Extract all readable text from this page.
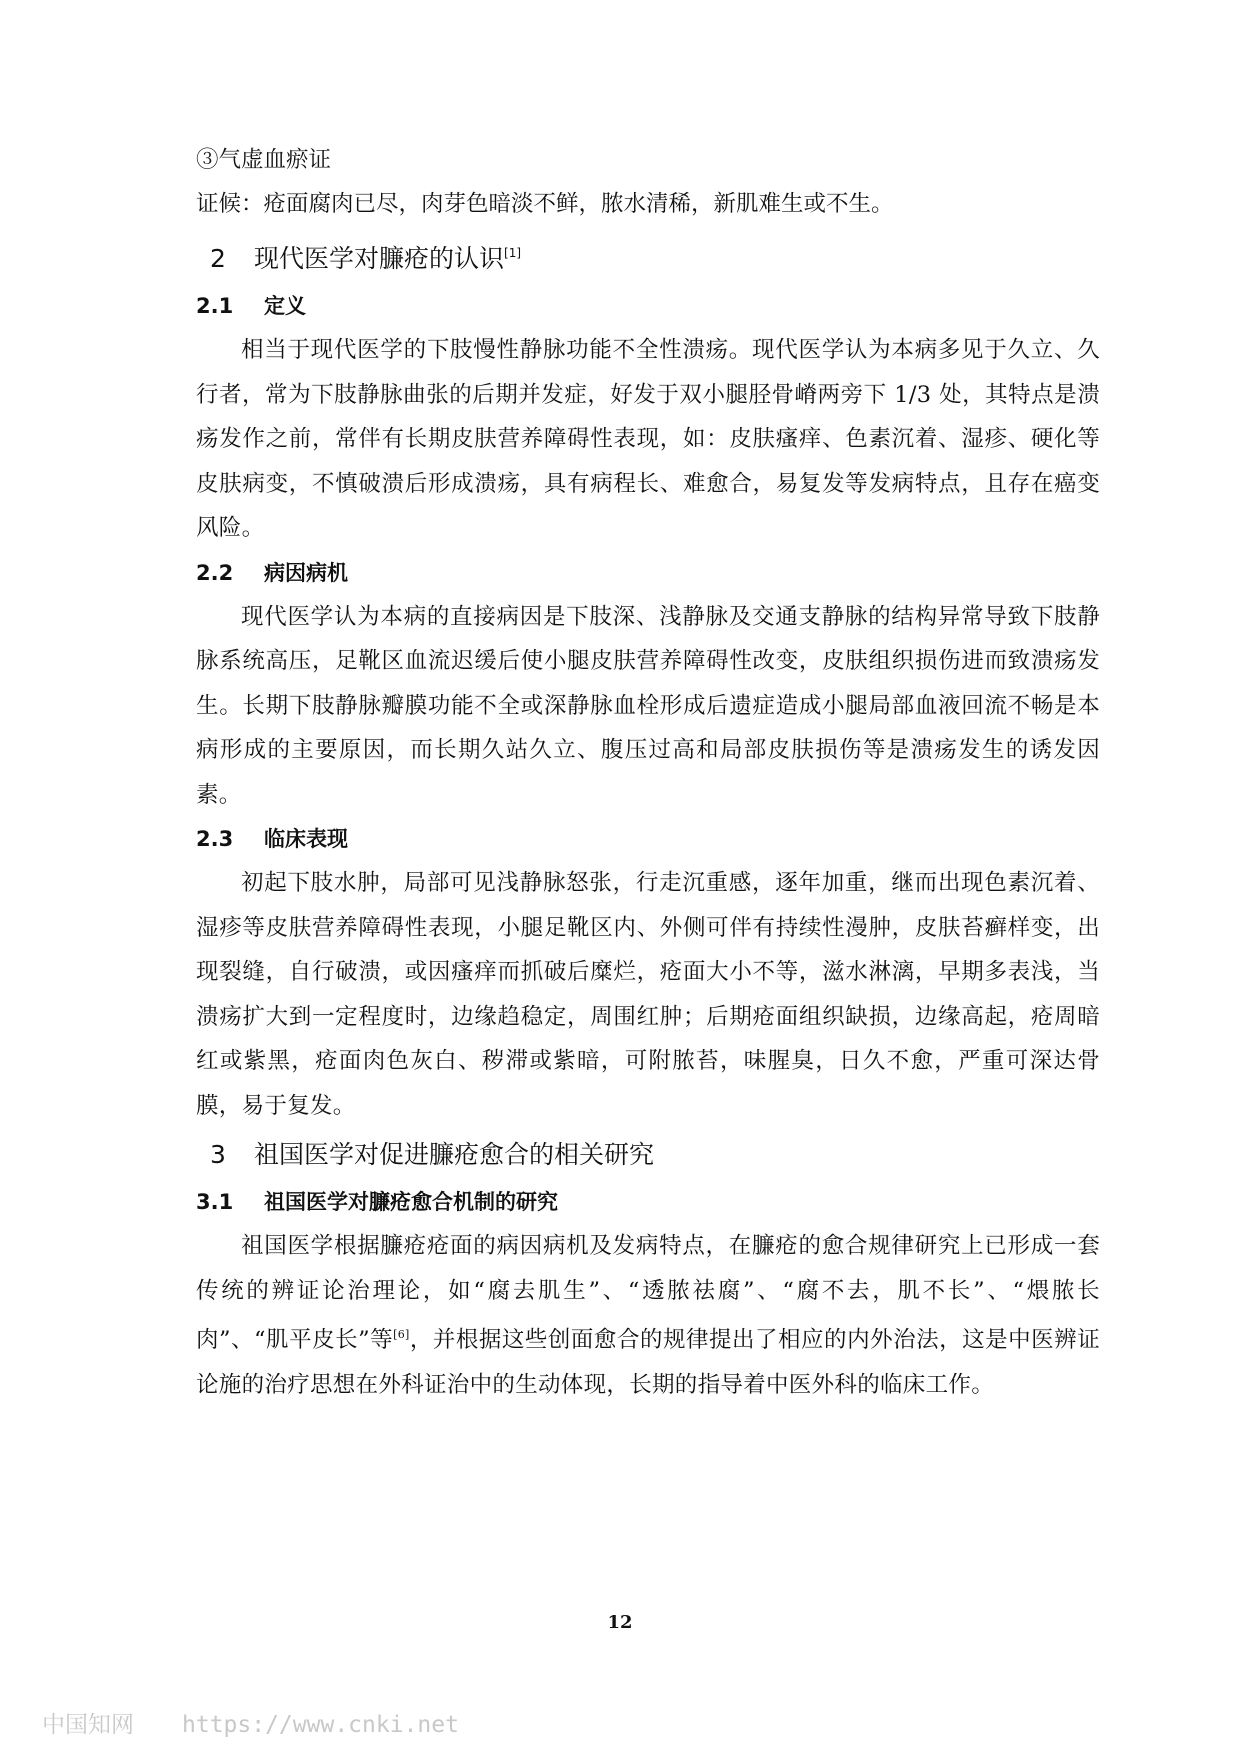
③气虚血瘀证

证候：疮面腐肉已尽，肉芽色暗淡不鲜，脓水清稀，新肌难生或不生。

2 现代医学对臁疮的认识[1]
2.1 定义

相当于现代医学的下肢慢性静脉功能不全性溃疡。现代医学认为本病多见于久立、久行者，常为下肢静脉曲张的后期并发症，好发于双小腿胫骨嵴两旁下 1/3 处，其特点是溃疡发作之前，常伴有长期皮肤营养障碍性表现，如：皮肤瘙痒、色素沉着、湿疹、硬化等皮肤病变，不慎破溃后形成溃疡，具有病程长、难愈合，易复发等发病特点，且存在癌变风险。

2.2 病因病机

现代医学认为本病的直接病因是下肢深、浅静脉及交通支静脉的结构异常导致下肢静脉系统高压，足靴区血流迟缓后使小腿皮肤营养障碍性改变，皮肤组织损伤进而致溃疡发生。长期下肢静脉瓣膜功能不全或深静脉血栓形成后遗症造成小腿局部血液回流不畅是本病形成的主要原因，而长期久站久立、腹压过高和局部皮肤损伤等是溃疡发生的诱发因素。

2.3 临床表现

初起下肢水肿，局部可见浅静脉怒张，行走沉重感，逐年加重，继而出现色素沉着、湿疹等皮肤营养障碍性表现，小腿足靴区内、外侧可伴有持续性漫肿，皮肤苔癣样变，出现裂缝，自行破溃，或因瘙痒而抓破后糜烂，疮面大小不等，滋水淋漓，早期多表浅，当溃疡扩大到一定程度时，边缘趋稳定，周围红肿；后期疮面组织缺损，边缘高起，疮周暗红或紫黑，疮面肉色灰白、秽滞或紫暗，可附脓苔，味腥臭，日久不愈，严重可深达骨膜，易于复发。

3 祖国医学对促进臁疮愈合的相关研究
3.1 祖国医学对臁疮愈合机制的研究

祖国医学根据臁疮疮面的病因病机及发病特点，在臁疮的愈合规律研究上已形成一套传统的辨证论治理论，如“腐去肌生”、“透脓祛腐”、“腐不去，肌不长”、“煨脓长肉”、“肌平皮长”等[6]，并根据这些创面愈合的规律提出了相应的内外治法，这是中医辨证论施的治疗思想在外科证治中的生动体现，长期的指导着中医外科的临床工作。

12
中国知网 https://www.cnki.net
